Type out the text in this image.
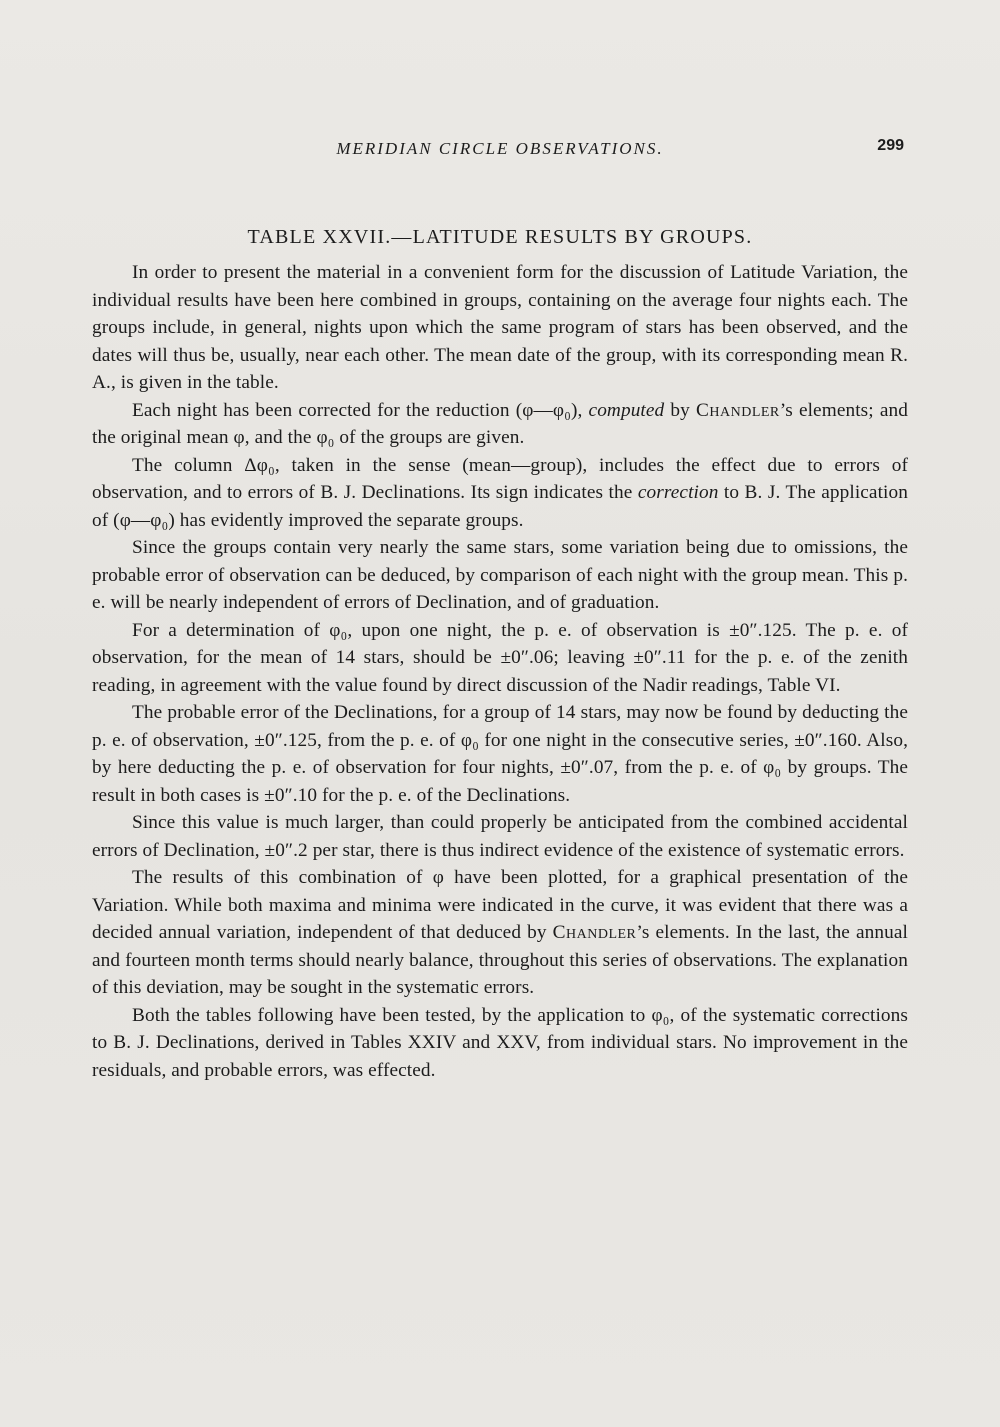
MERIDIAN CIRCLE OBSERVATIONS.	299
TABLE XXVII.—LATITUDE RESULTS BY GROUPS.

In order to present the material in a convenient form for the discussion of Latitude Variation, the individual results have been here combined in groups, containing on the average four nights each. The groups include, in general, nights upon which the same program of stars has been observed, and the dates will thus be, usually, near each other. The mean date of the group, with its corresponding mean R. A., is given in the table.

Each night has been corrected for the reduction (φ—φ₀), computed by Chandler’s elements; and the original mean φ, and the φ₀ of the groups are given.

The column Δφ₀, taken in the sense (mean—group), includes the effect due to errors of observation, and to errors of B. J. Declinations. Its sign indicates the correction to B. J. The application of (φ—φ₀) has evidently improved the separate groups.

Since the groups contain very nearly the same stars, some variation being due to omissions, the probable error of observation can be deduced, by comparison of each night with the group mean. This p. e. will be nearly independent of errors of Declination, and of graduation.

For a determination of φ₀, upon one night, the p. e. of observation is ±0″.125. The p. e. of observation, for the mean of 14 stars, should be ±0″.06; leaving ±0″.11 for the p. e. of the zenith reading, in agreement with the value found by direct discussion of the Nadir readings, Table VI.

The probable error of the Declinations, for a group of 14 stars, may now be found by deducting the p. e. of observation, ±0″.125, from the p. e. of φ₀ for one night in the consecutive series, ±0″.160. Also, by here deducting the p. e. of observation for four nights, ±0″.07, from the p. e. of φ₀ by groups. The result in both cases is ±0″.10 for the p. e. of the Declinations.

Since this value is much larger, than could properly be anticipated from the combined accidental errors of Declination, ±0″.2 per star, there is thus indirect evidence of the existence of systematic errors.

The results of this combination of φ have been plotted, for a graphical presentation of the Variation. While both maxima and minima were indicated in the curve, it was evident that there was a decided annual variation, independent of that deduced by Chandler’s elements. In the last, the annual and fourteen month terms should nearly balance, throughout this series of observations. The explanation of this deviation, may be sought in the systematic errors.

Both the tables following have been tested, by the application to φ₀, of the systematic corrections to B. J. Declinations, derived in Tables XXIV and XXV, from individual stars. No improvement in the residuals, and probable errors, was effected.
